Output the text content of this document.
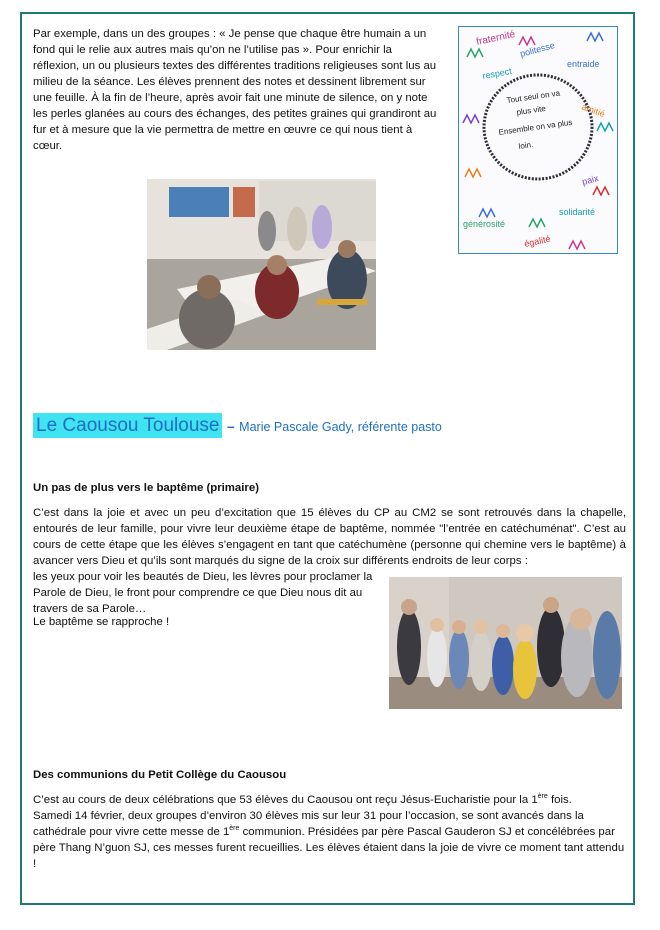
Par exemple, dans un des groupes : « Je pense que chaque être humain a un fond qui le relie aux autres mais qu’on ne l’utilise pas ». Pour enrichir la réflexion, un ou plusieurs textes des différentes traditions religieuses sont lus au milieu de la séance. Les élèves prennent des notes et dessinent librement sur une feuille. À la fin de l’heure, après avoir fait une minute de silence, on y note les perles glanées au cours des échanges, des petites graines qui grandiront au fur et à mesure que la vie permettra de mettre en œuvre ce qui nous tient à cœur.

fraternité
politesse
entraide
respect
amitié
paix
générosité
solidarité
égalité
Tout seul on va
plus vite
Ensemble on va plus
loin.
Le Caousou Toulouse – Marie Pascale Gady, référente pasto

Un pas de plus vers le baptême (primaire)

C’est dans la joie et avec un peu d’excitation que 15 élèves du CP au CM2 se sont retrouvés dans la chapelle, entourés de leur famille, pour vivre leur deuxième étape de baptême, nommée "l’entrée en catéchuménat". C’est au cours de cette étape que les élèves s’engagent en tant que catéchumène (personne qui chemine vers le baptême) à avancer vers Dieu et qu’ils sont marqués du signe de la croix sur différents endroits de leur corps :

les yeux pour voir les beautés de Dieu, les lèvres pour proclamer la Parole de Dieu, le front pour comprendre ce que Dieu nous dit au travers de sa Parole…

Le baptême se rapproche !

Des communions du Petit Collège du Caousou

C’est au cours de deux célébrations que 53 élèves du Caousou ont reçu Jésus-Eucharistie pour la 1ère fois.
Samedi 14 février, deux groupes d’environ 30 élèves mis sur leur 31 pour l’occasion, se sont avancés dans la cathédrale pour vivre cette messe de 1ère communion. Présidées par père Pascal Gauderon SJ et concélébrées par père Thang N’guon SJ, ces messes furent recueillies. Les élèves étaient dans la joie de vivre ce moment tant attendu !
